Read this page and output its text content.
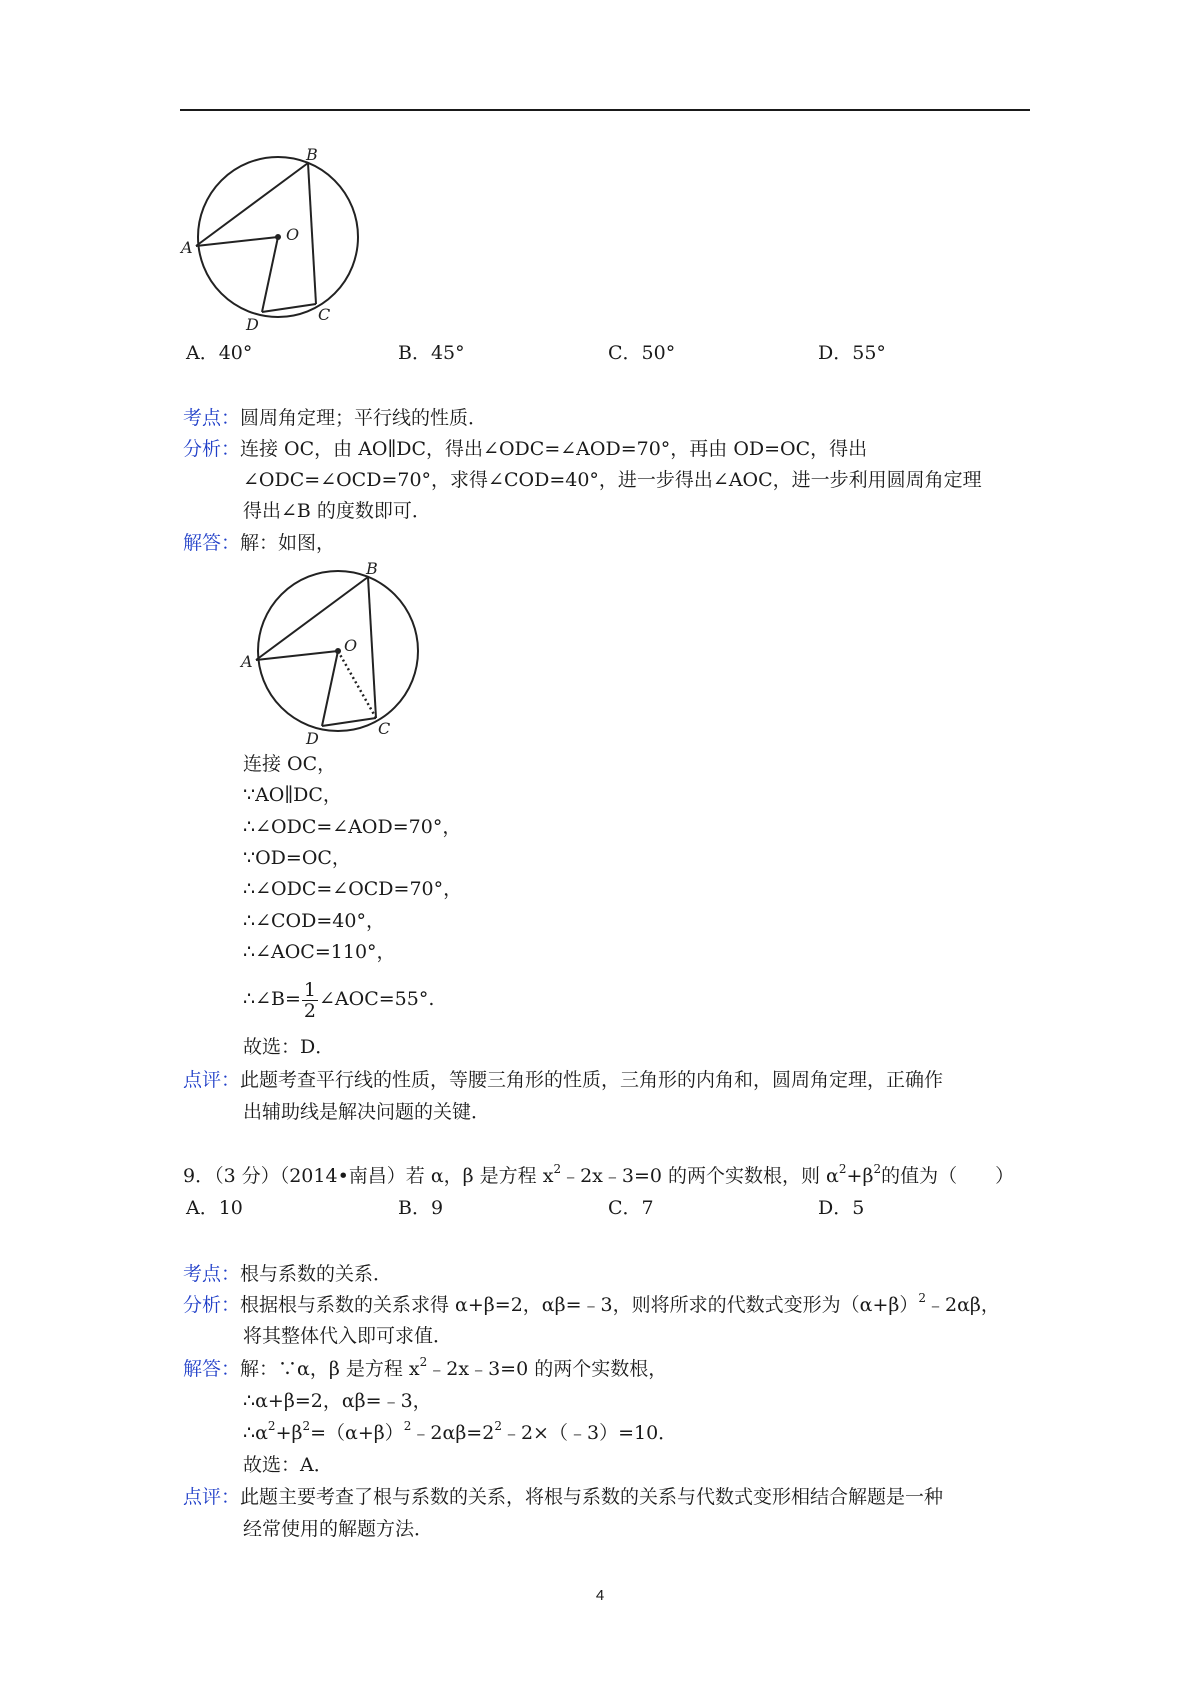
A
B
O
C
D
A．40°	B．45°	C．50°	D．55°
考点：圆周角定理；平行线的性质．
分析：连接 OC，由 AO∥DC，得出∠ODC=∠AOD=70°，再由 OD=OC，得出
∠ODC=∠OCD=70°，求得∠COD=40°，进一步得出∠AOC，进一步利用圆周角定理
得出∠B 的度数即可．
解答：解：如图，
A
B
O
C
D
连接 OC，
∵AO∥DC，
∴∠ODC=∠AOD=70°，
∵OD=OC，
∴∠ODC=∠OCD=70°，
∴∠COD=40°，
∴∠AOC=110°，
∴∠B= $\frac{1}{2}$ ∠AOC=55°.
故选：D．
点评：此题考查平行线的性质，等腰三角形的性质，三角形的内角和，圆周角定理，正确作
出辅助线是解决问题的关键．
9．（3 分）（2014•南昌）若 α，β 是方程 $x^2﹣2x﹣3=0$ 的两个实数根，则 $\alpha^2+\beta^2$的值为（　　）
A．10	B．9	C．7	D．5
考点：根与系数的关系．
分析：根据根与系数的关系求得 α+β=2，αβ=﹣3，则将所求的代数式变形为$(\alpha+\beta)^2﹣2\alpha\beta$，
将其整体代入即可求值．
解答：解：∵α，β 是方程 $x^2﹣2x﹣3=0$ 的两个实数根，
∴α+β=2，αβ=﹣3，
$\therefore\alpha^2+\beta^2=(\alpha+\beta)^2﹣2\alpha\beta=2^2﹣2\times(﹣3)=10$．
故选：A．
点评：此题主要考查了根与系数的关系，将根与系数的关系与代数式变形相结合解题是一种
经常使用的解题方法．
4
